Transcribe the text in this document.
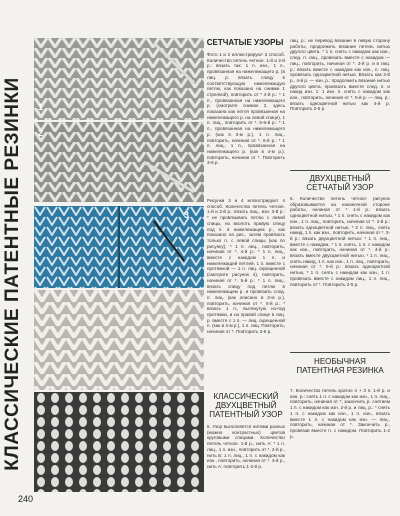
КЛАССИЧЕСКИЕ ПАТЕНТНЫЕ РЕЗИНКИ 1
2
3
СЕТЧАТЫЕ УЗОРЫ
Фото 1 и 2 иллюстрируют 3 способ. Количество петель четное. 1-й и 2-й р.: вязать так: 1 п. изн., 1 п., провязанная на нижележащего р. (в лиц. р. вязать спицу в соответствующую нижележащую петлю, как показано на снимке 1 стрелкой), повторить от * 4-й р.: * 1 п., провязанная на нижележащего р. (смотрите снимок 2, здесь показана как петля провязанная на нижележащего р. на левой спице), 1 п. лиц., повторить от *. 5-6-й р.: * 1 п., провязанная на нижележащего р. (как в 3-м р.), 1 п. лиц., повторить, начиная от *. 6-й р.: * 1 п. лиц., 1 п., провязанная на нижележащего р. (как в 4-м р.), повторить, начиная от *. Повторить 3-6 р.
Рисунки 3 и 4 иллюстрируют 4 способ. Количество петель четное. 1-й и 2-й р.: вязать лиц., изн. 3-й р.: * не провязывать петлю с левой спицы, но вколоть правую спицу под п. в нижележащем р., как показано на рис., затем провязать только п. с левой спицы (как по рисунку), * 1 п. лиц., повторить, начиная от *. 4-й р.: * 1 п. лиц., вместе с накидом 1 п. и нижележащей петлей, 1 п. вместе с протяжкой — 1 п. лиц. скрещенной (смотрите рисунок 4), повторить, начиная от *. 5-й р.: * 1 п. лиц., вязать спицу под петлю в нижележащем р. и провязать след. п. лиц. (как описано в 3-м р.), повторить, начиная от *. 6-й р.: * вязать 1 п., вытянутую из-под протяжки, и на правой спице в лиц. р. вместе с 1 п. — лиц. скрещенной п. (как в 4-м р.), 1 п. лиц. Повторить, начиная от *. Повторить 3-6 р.
КЛАССИЧЕСКИЙ ДВУХЦВЕТНЫЙ ПАТЕНТНЫЙ УЗОР
5. Узор выполняется нитями разных (можно контрастных) цветов круговыми спицами. Количество петель четное. 1-й р., нить А: * 1 п. лиц., 1 п. изн., повторить от *. 2-й р., нить Б: 1 п. лиц., 1 п. с накидом как изн., повторить, начиная от *. 3-й р., нить А: повторить 1-2-й р.
лиц. р.: не перевод вязание в левую сторону работы, продолжить вязание петель нитью другого цвета. * 1 п. снять с накидом как изн., след. п. лиц., провязать вместе с накидом — лиц., повторить, начиная от *. 3-й р. и в лиц. р.: вязать вместе с накидом как изн., п. лиц. провязать одноцветной нитью. Вязать как 2-й р., 4-й р. — изн. р.: продолжить вязание нитью другого цвета, провязать вместе след. п. и накид изн. 1: 1 изн. п. снять с накидом как изн., повторить, начиная от *. 5-й р. — лиц. р.: вязать одноцветной нитью как 4-й р. Повторить 2-5 р.
ДВУХЦВЕТНЫЙ СЕТЧАТЫЙ УЗОР
6. Количество петель четное: рисунок образовывается на изнаночной стороне работы, начиная от * 1-й р.: вязать одноцветной нитью, * 1 п. снять с накидом как изн., 1 п. лиц., повторить, начиная от *. 2-й р.: вязать одноцветной нитью, * 2 п. лиц., снять накид, 1 п. как изн., повторить, начиная от *. 3-й р.: вязать двухцветной нитью: * 1 п. лиц., вместе с накидом, * 1 п. снять, 1 п. с накидом как изн., повторить, начиная от *. 4-й р.: вязать вместе двухцветной нитью. * 1 п. лиц., снять накид, 1 п. как изн., 1 п. лиц., повторить, начиная от *. 5-й р.: вязать одноцветной нитью, * 1 п. снять с накидом как изн., 1 п. провязать вместе с накидом лиц., 1 п. лиц., повторить от *. Повторить 2-5 р.
НЕОБЫЧНАЯ ПАТЕНТНАЯ РЕЗИНКА
7. Количество петель кратно 4 + 3 п. 1-й р. и изн. р.: снять 1 п. с накидом как изн., 1 п. лиц., повторить, начиная от *, закончить р. снятием 1 п. с накидом как изн. 2-й р. и лиц. р.: * снять 1 п. с накидом как изн., 1 п. изн., вязать вместе 1 п. с накидом как изн. — лиц., повторить, начиная от *. Закончить р., провязав вместе п. с накидом. Повторить 1-2 р.
240
